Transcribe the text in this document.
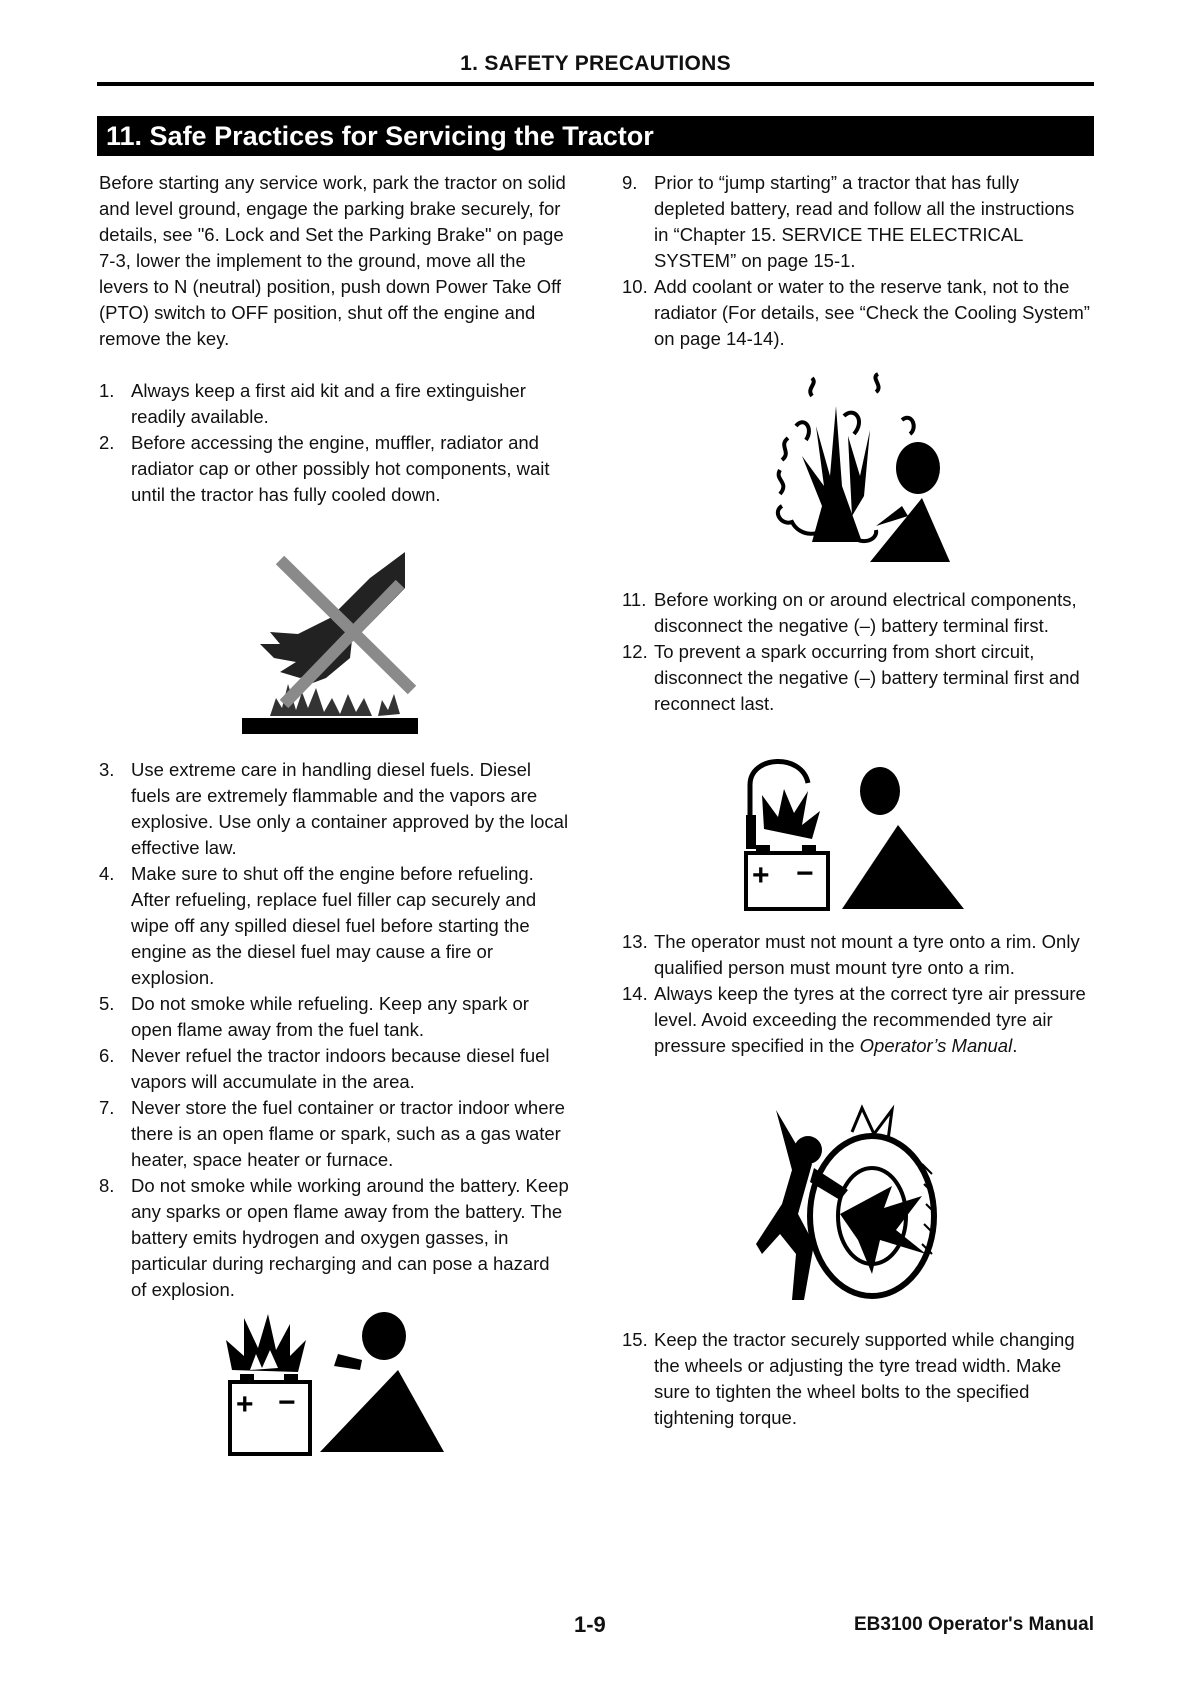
1. SAFETY PRECAUTIONS
11. Safe Practices for Servicing the Tractor
Before starting any service work, park the tractor on solid and level ground, engage the parking brake securely, for details, see "6. Lock and Set the Parking Brake" on page 7-3, lower the implement to the ground, move all the levers to N (neutral) position, push down Power Take Off (PTO) switch to OFF position, shut off the engine and remove the key.
1. Always keep a first aid kit and a fire extinguisher readily available.
2. Before accessing the engine, muffler, radiator and radiator cap or other possibly hot components, wait until the tractor has fully cooled down.
3. Use extreme care in handling diesel fuels. Diesel fuels are extremely flammable and the vapors are explosive. Use only a container approved by the local effective law.
4. Make sure to shut off the engine before refueling. After refueling, replace fuel filler cap securely and wipe off any spilled diesel fuel before starting the engine as the diesel fuel may cause a fire or explosion.
5. Do not smoke while refueling. Keep any spark or open flame away from the fuel tank.
6. Never refuel the tractor indoors because diesel fuel vapors will accumulate in the area.
7. Never store the fuel container or tractor indoor where there is an open flame or spark, such as a gas water heater, space heater or furnace.
8. Do not smoke while working around the battery. Keep any sparks or open flame away from the battery. The battery emits hydrogen and oxygen gasses, in particular during recharging and can pose a hazard of explosion.
+ −
9. Prior to “jump starting” a tractor that has fully depleted battery, read and follow all the instructions in “Chapter 15. SERVICE THE ELECTRICAL SYSTEM” on page 15-1.
10. Add coolant or water to the reserve tank, not to the radiator (For details, see “Check the Cooling System” on page 14-14).
11. Before working on or around electrical components, disconnect the negative (–) battery terminal first.
12. To prevent a spark occurring from short circuit, disconnect the negative (–) battery terminal first and reconnect last.
+ −
13. The operator must not mount a tyre onto a rim. Only qualified person must mount tyre onto a rim.
14. Always keep the tyres at the correct tyre air pressure level. Avoid exceeding the recommended tyre air pressure specified in the Operator’s Manual.
15. Keep the tractor securely supported while changing the wheels or adjusting the tyre tread width. Make sure to tighten the wheel bolts to the specified tightening torque.
1-9	EB3100 Operator's Manual
